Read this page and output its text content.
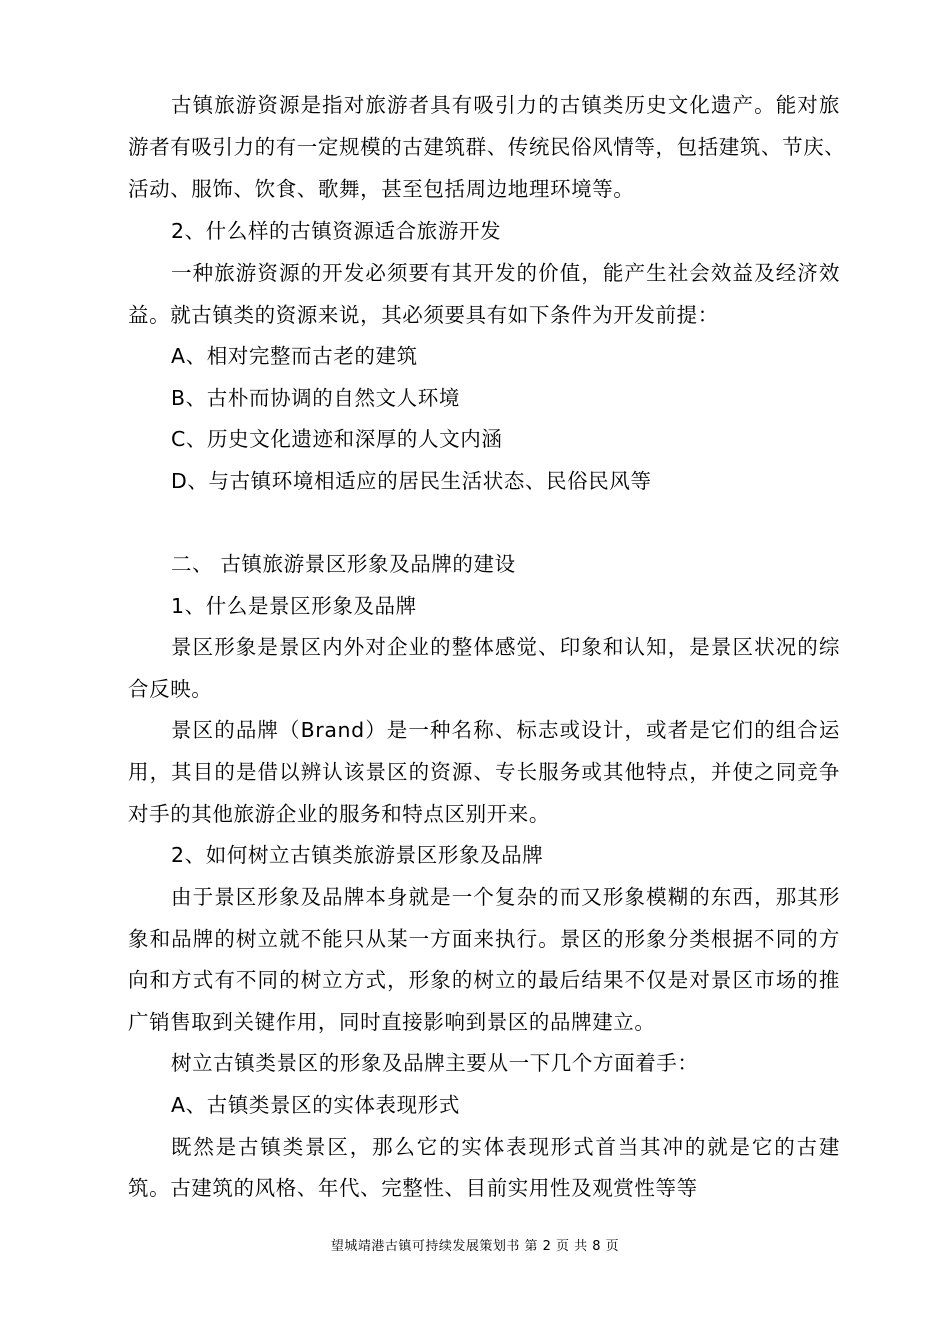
古镇旅游资源是指对旅游者具有吸引力的古镇类历史文化遗产。能对旅
游者有吸引力的有一定规模的古建筑群、传统民俗风情等，包括建筑、节庆、
活动、服饰、饮食、歌舞，甚至包括周边地理环境等。
2、什么样的古镇资源适合旅游开发
一种旅游资源的开发必须要有其开发的价值，能产生社会效益及经济效
益。就古镇类的资源来说，其必须要具有如下条件为开发前提：
A、相对完整而古老的建筑
B、古朴而协调的自然文人环境
C、历史文化遗迹和深厚的人文内涵
D、与古镇环境相适应的居民生活状态、民俗民风等
二、 古镇旅游景区形象及品牌的建设
1、什么是景区形象及品牌
景区形象是景区内外对企业的整体感觉、印象和认知，是景区状况的综
合反映。
景区的品牌（Brand）是一种名称、标志或设计，或者是它们的组合运
用，其目的是借以辨认该景区的资源、专长服务或其他特点，并使之同竞争
对手的其他旅游企业的服务和特点区别开来。
2、如何树立古镇类旅游景区形象及品牌
由于景区形象及品牌本身就是一个复杂的而又形象模糊的东西，那其形
象和品牌的树立就不能只从某一方面来执行。景区的形象分类根据不同的方
向和方式有不同的树立方式，形象的树立的最后结果不仅是对景区市场的推
广销售取到关键作用，同时直接影响到景区的品牌建立。
树立古镇类景区的形象及品牌主要从一下几个方面着手：
A、古镇类景区的实体表现形式
既然是古镇类景区，那么它的实体表现形式首当其冲的就是它的古建
筑。古建筑的风格、年代、完整性、目前实用性及观赏性等等
望城靖港古镇可持续发展策划书 第 2 页 共 8 页
